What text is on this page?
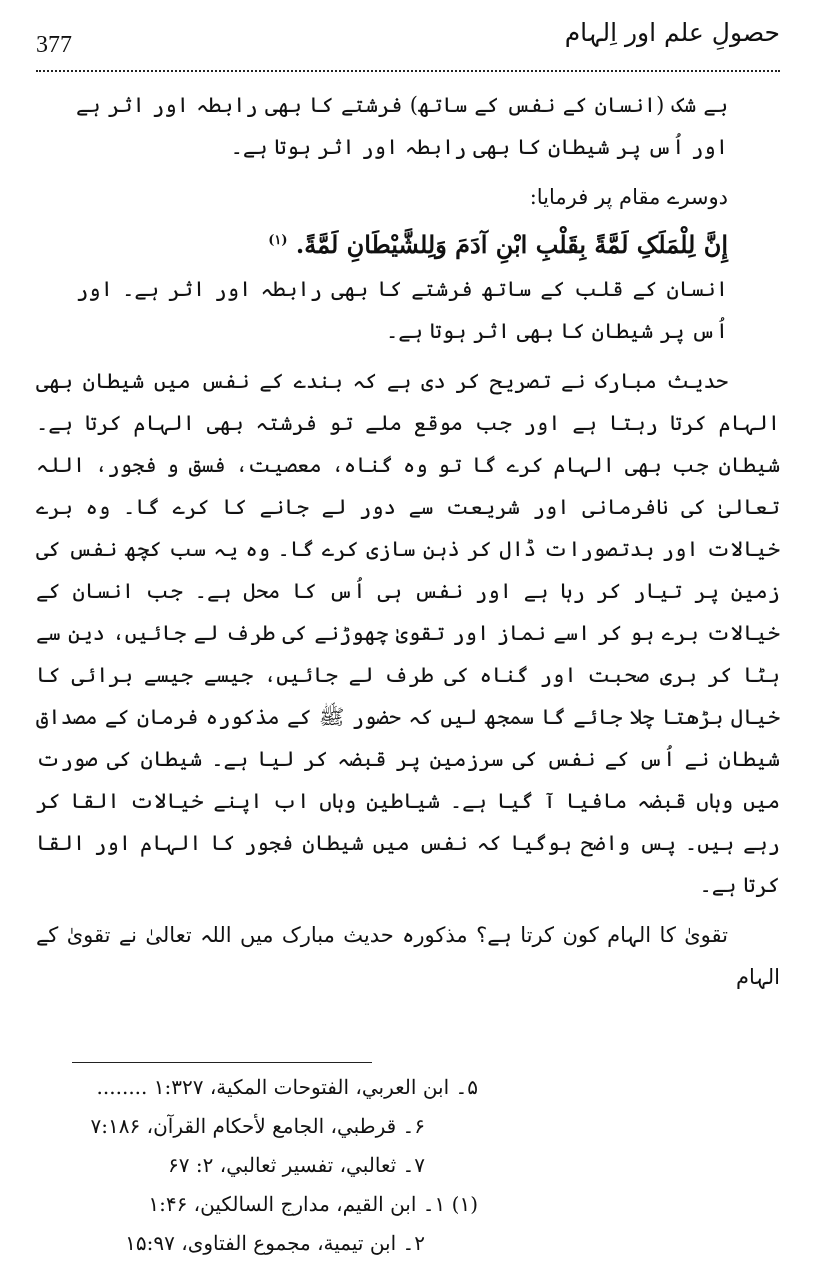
377	حصولِ علم اور اِلہام

بے شک (انسان کے نفس کے ساتھ) فرشتے کا بھی رابطہ اور اثر ہے اور اُس پر شیطان کا بھی رابطہ اور اثر ہوتا ہے۔

دوسرے مقام پر فرمایا:

إِنَّ لِلْمَلَکِ لَمَّةً بِقَلْبِ ابْنِ آدَمَ وَلِلشَّيْطَانِ لَمَّةً. $^{(۱)}$

انسان کے قلب کے ساتھ فرشتے کا بھی رابطہ اور اثر ہے۔ اور اُس پر شیطان کا بھی اثر ہوتا ہے۔

حدیث مبارک نے تصریح کر دی ہے کہ بندے کے نفس میں شیطان بھی الہام کرتا رہتا ہے اور جب موقع ملے تو فرشتہ بھی الہام کرتا ہے۔ شیطان جب بھی الہام کرے گا تو وہ گناہ، معصیت، فسق و فجور، اللہ تعالیٰ کی نافرمانی اور شریعت سے دور لے جانے کا کرے گا۔ وہ برے خیالات اور بدتصورات ڈال کر ذہن سازی کرے گا۔ وہ یہ سب کچھ نفس کی زمین پر تیار کر رہا ہے اور نفس ہی اُس کا محل ہے۔ جب انسان کے خیالات برے ہو کر اسے نماز اور تقویٰ چھوڑنے کی طرف لے جائیں، دین سے ہٹا کر بری صحبت اور گناہ کی طرف لے جائیں، جیسے جیسے برائی کا خیال بڑھتا چلا جائے گا سمجھ لیں کہ حضور ﷺ کے مذکورہ فرمان کے مصداق شیطان نے اُس کے نفس کی سرزمین پر قبضہ کر لیا ہے۔ شیطان کی صورت میں وہاں قبضہ مافیا آ گیا ہے۔ شیاطین وہاں اب اپنے خیالات القا کر رہے ہیں۔ پس واضح ہوگیا کہ نفس میں شیطان فجور کا الہام اور القا کرتا ہے۔

تقویٰ کا الہام کون کرتا ہے؟ مذکورہ حدیث مبارک میں اللہ تعالیٰ نے تقویٰ کے الہام

۵۔ ابن العربي، الفتوحات المكية، ۱:۳۲۷ ........

۶۔ قرطبي، الجامع لأحكام القرآن، ۷:۱۸۶

۷۔ ثعالبي، تفسير ثعالبي، ۲: ۶۷

(۱) ۱۔ ابن القيم، مدارج السالكين، ۱:۴۶

۲۔ ابن تيمية، مجموع الفتاوى، ۱۵:۹۷
